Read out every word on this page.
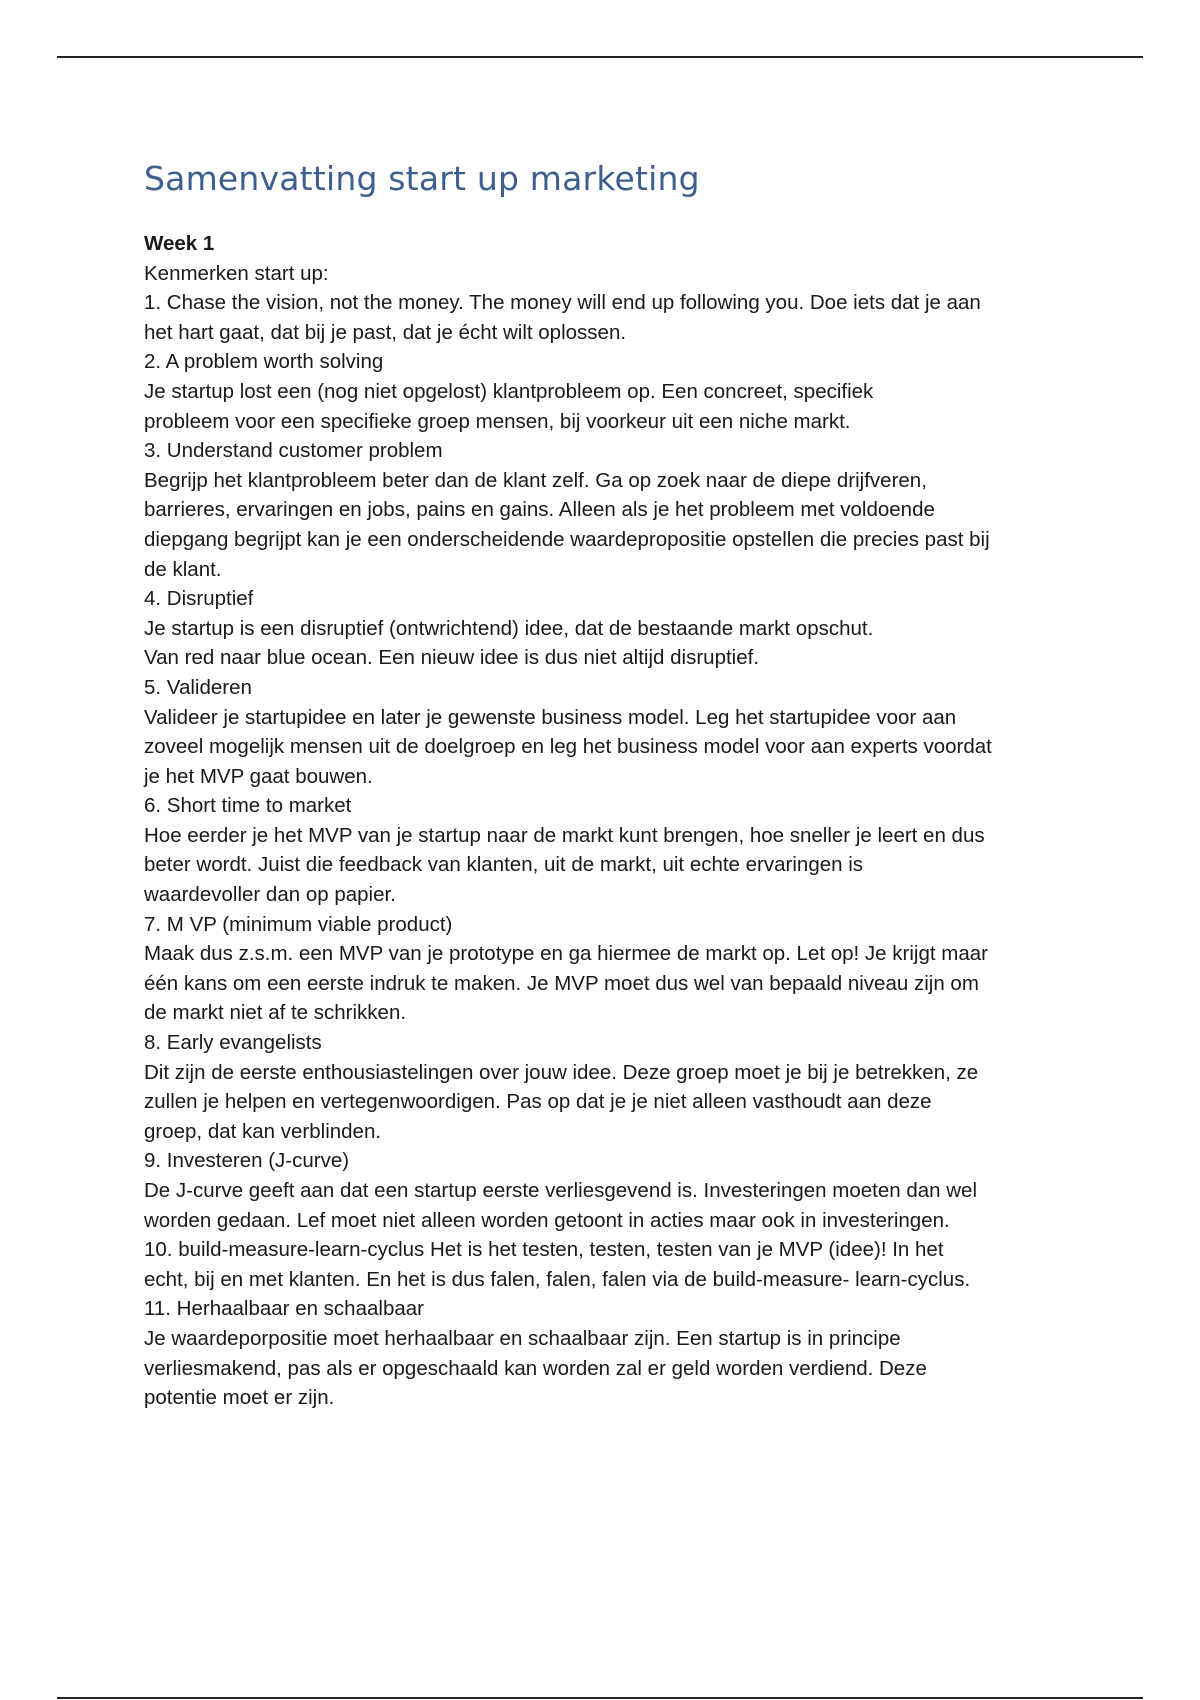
Samenvatting start up marketing
Week 1
Kenmerken start up:
1. Chase the vision, not the money. The money will end up following you. Doe iets dat je aan
het hart gaat, dat bij je past, dat je écht wilt oplossen.
2. A problem worth solving
Je startup lost een (nog niet opgelost) klantprobleem op. Een concreet, specifiek
probleem voor een specifieke groep mensen, bij voorkeur uit een niche markt.
3. Understand customer problem
Begrijp het klantprobleem beter dan de klant zelf. Ga op zoek naar de diepe drijfveren,
barrieres, ervaringen en jobs, pains en gains. Alleen als je het probleem met voldoende
diepgang begrijpt kan je een onderscheidende waardepropositie opstellen die precies past bij
de klant.
4. Disruptief
Je startup is een disruptief (ontwrichtend) idee, dat de bestaande markt opschut.
Van red naar blue ocean. Een nieuw idee is dus niet altijd disruptief.
5. Valideren
Valideer je startupidee en later je gewenste business model. Leg het startupidee voor aan
zoveel mogelijk mensen uit de doelgroep en leg het business model voor aan experts voordat
je het MVP gaat bouwen.
6. Short time to market
Hoe eerder je het MVP van je startup naar de markt kunt brengen, hoe sneller je leert en dus
beter wordt. Juist die feedback van klanten, uit de markt, uit echte ervaringen is
waardevoller dan op papier.
7. M VP (minimum viable product)
Maak dus z.s.m. een MVP van je prototype en ga hiermee de markt op. Let op! Je krijgt maar
één kans om een eerste indruk te maken. Je MVP moet dus wel van bepaald niveau zijn om
de markt niet af te schrikken.
8. Early evangelists
Dit zijn de eerste enthousiastelingen over jouw idee. Deze groep moet je bij je betrekken, ze
zullen je helpen en vertegenwoordigen. Pas op dat je je niet alleen vasthoudt aan deze
groep, dat kan verblinden.
9. Investeren (J-curve)
De J-curve geeft aan dat een startup eerste verliesgevend is. Investeringen moeten dan wel
worden gedaan. Lef moet niet alleen worden getoont in acties maar ook in investeringen.
10. build-measure-learn-cyclus Het is het testen, testen, testen van je MVP (idee)! In het
echt, bij en met klanten. En het is dus falen, falen, falen via de build-measure- learn-cyclus.
11. Herhaalbaar en schaalbaar
Je waardeporpositie moet herhaalbaar en schaalbaar zijn. Een startup is in principe
verliesmakend, pas als er opgeschaald kan worden zal er geld worden verdiend. Deze
potentie moet er zijn.
